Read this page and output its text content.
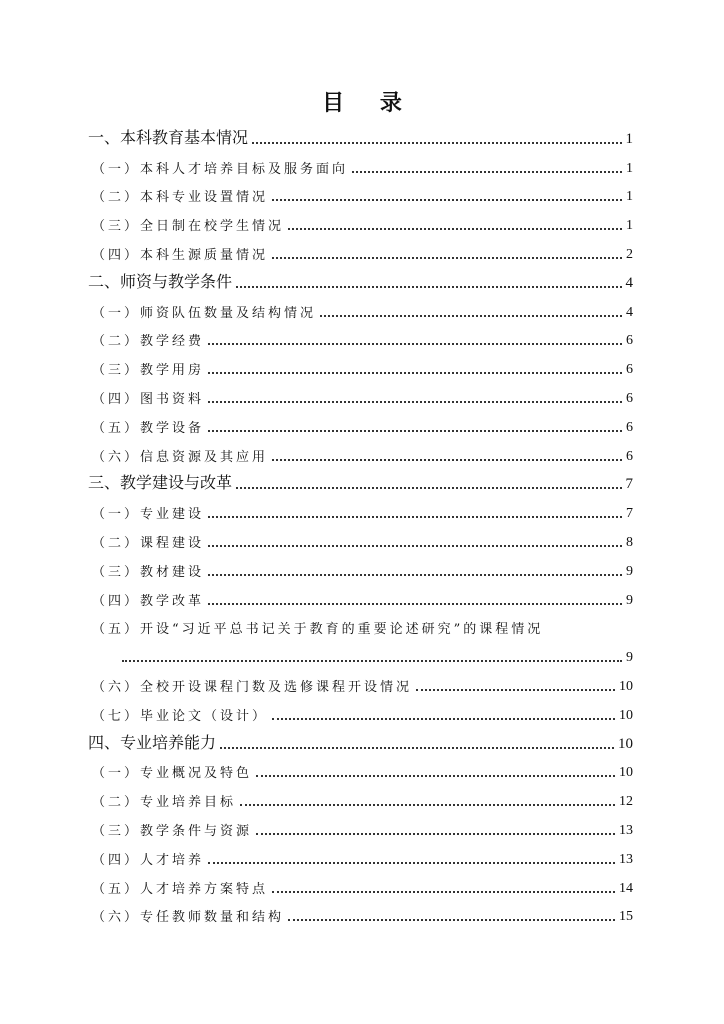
目 录
一、本科教育基本情况	1
（一）本科人才培养目标及服务面向	1
（二）本科专业设置情况	1
（三）全日制在校学生情况	1
（四）本科生源质量情况	2
二、师资与教学条件	4
（一）师资队伍数量及结构情况	4
（二）教学经费	6
（三）教学用房	6
（四）图书资料	6
（五）教学设备	6
（六）信息资源及其应用	6
三、教学建设与改革	7
（一）专业建设	7
（二）课程建设	8
（三）教材建设	9
（四）教学改革	9
（五）开设“习近平总书记关于教育的重要论述研究”的课程情况
9
（六）全校开设课程门数及选修课程开设情况	10
（七）毕业论文（设计）	10
四、专业培养能力	10
（一）专业概况及特色	10
（二）专业培养目标	12
（三）教学条件与资源	13
（四）人才培养	13
（五）人才培养方案特点	14
（六）专任教师数量和结构	15
